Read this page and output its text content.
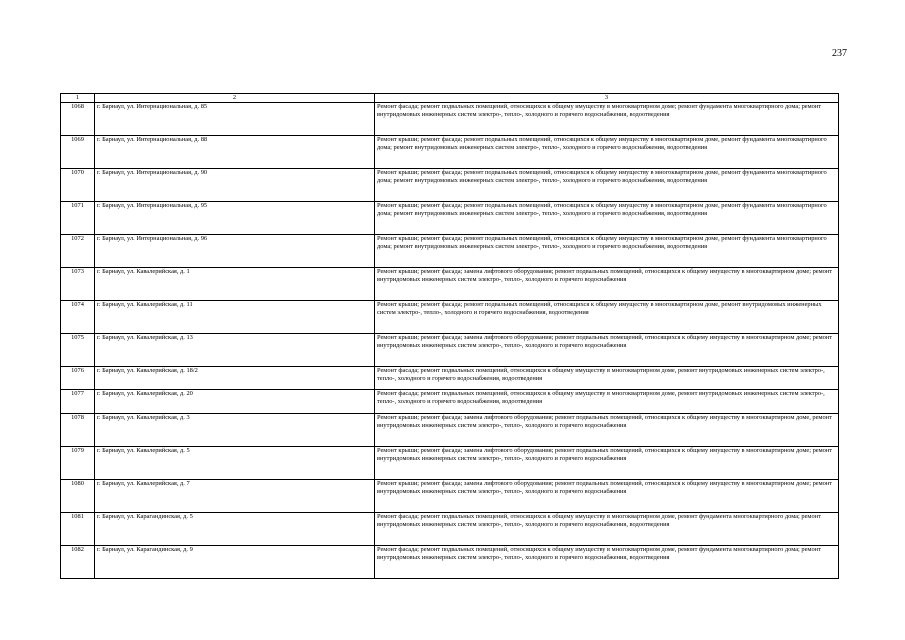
237
1	2	3
1068	г. Барнаул, ул. Интернациональная, д. 85	Ремонт фасада; ремонт подвальных помещений, относящихся к общему имуществу в многоквартирном доме; ремонт фундамента многоквартирного дома; ремонт внутридомовых инженерных систем электро-, тепло-, холодного и горячего водоснабжения, водоотведения
1069	г. Барнаул, ул. Интернациональная, д. 88	Ремонт крыши; ремонт фасада; ремонт подвальных помещений, относящихся к общему имуществу в многоквартирном доме, ремонт фундамента многоквартирного дома; ремонт внутридомовых инженерных систем электро-, тепло-, холодного и горячего водоснабжения, водоотведения
1070	г. Барнаул, ул. Интернациональная, д. 90	Ремонт крыши; ремонт фасада; ремонт подвальных помещений, относящихся к общему имуществу в многоквартирном доме, ремонт фундамента многоквартирного дома; ремонт внутридомовых инженерных систем электро-, тепло-, холодного и горячего водоснабжения, водоотведения
1071	г. Барнаул, ул. Интернациональная, д. 95	Ремонт крыши; ремонт фасада; ремонт подвальных помещений, относящихся к общему имуществу в многоквартирном доме, ремонт фундамента многоквартирного дома; ремонт внутридомовых инженерных систем электро-, тепло-, холодного и горячего водоснабжения, водоотведения
1072	г. Барнаул, ул. Интернациональная, д. 96	Ремонт крыши; ремонт фасада; ремонт подвальных помещений, относящихся к общему имуществу в многоквартирном доме, ремонт фундамента многоквартирного дома; ремонт внутридомовых инженерных систем электро-, тепло-, холодного и горячего водоснабжения, водоотведения
1073	г. Барнаул, ул. Кавалерийская, д. 1	Ремонт крыши; ремонт фасада; замена лифтового оборудования; ремонт подвальных помещений, относящихся к общему имуществу в многоквартирном доме; ремонт внутридомовых инженерных систем электро-, тепло-, холодного и горячего водоснабжения
1074	г. Барнаул, ул. Кавалерийская, д. 11	Ремонт крыши; ремонт фасада; ремонт подвальных помещений, относящихся к общему имуществу в многоквартирном доме, ремонт внутридомовых инженерных систем электро-, тепло-, холодного и горячего водоснабжения, водоотведения
1075	г. Барнаул, ул. Кавалерийская, д. 13	Ремонт крыши; ремонт фасада; замена лифтового оборудования; ремонт подвальных помещений, относящихся к общему имуществу в многоквартирном доме; ремонт внутридомовых инженерных систем электро-, тепло-, холодного и горячего водоснабжения
1076	г. Барнаул, ул. Кавалерийская, д. 18/2	Ремонт фасада; ремонт подвальных помещений, относящихся к общему имуществу в многоквартирном доме, ремонт внутридомовых инженерных систем электро-, тепло-, холодного и горячего водоснабжения, водоотведения
1077	г. Барнаул, ул. Кавалерийская, д. 20	Ремонт фасада; ремонт подвальных помещений, относящихся к общему имуществу в многоквартирном доме, ремонт внутридомовых инженерных систем электро-, тепло-, холодного и горячего водоснабжения, водоотведения
1078	г. Барнаул, ул. Кавалерийская, д. 3	Ремонт крыши; ремонт фасада; замена лифтового оборудования; ремонт подвальных помещений, относящихся к общему имуществу в многоквартирном доме, ремонт внутридомовых инженерных систем электро-, тепло-, холодного и горячего водоснабжения
1079	г. Барнаул, ул. Кавалерийская, д. 5	Ремонт крыши; ремонт фасада; замена лифтового оборудования; ремонт подвальных помещений, относящихся к общему имуществу в многоквартирном доме; ремонт внутридомовых инженерных систем электро-, тепло-, холодного и горячего водоснабжения
1080	г. Барнаул, ул. Кавалерийская, д. 7	Ремонт крыши; ремонт фасада; замена лифтового оборудования; ремонт подвальных помещений, относящихся к общему имуществу в многоквартирном доме; ремонт внутридомовых инженерных систем электро-, тепло-, холодного и горячего водоснабжения
1081	г. Барнаул, ул. Карагандинская, д. 5	Ремонт фасада; ремонт подвальных помещений, относящихся к общему имуществу в многоквартирном доме, ремонт фундамента многоквартирного дома; ремонт внутридомовых инженерных систем электро-, тепло-, холодного и горячего водоснабжения, водоотведения
1082	г. Барнаул, ул. Карагандинская, д. 9	Ремонт фасада; ремонт подвальных помещений, относящихся к общему имуществу в многоквартирном доме, ремонт фундамента многоквартирного дома; ремонт внутридомовых инженерных систем электро-, тепло-, холодного и горячего водоснабжения, водоотведения
